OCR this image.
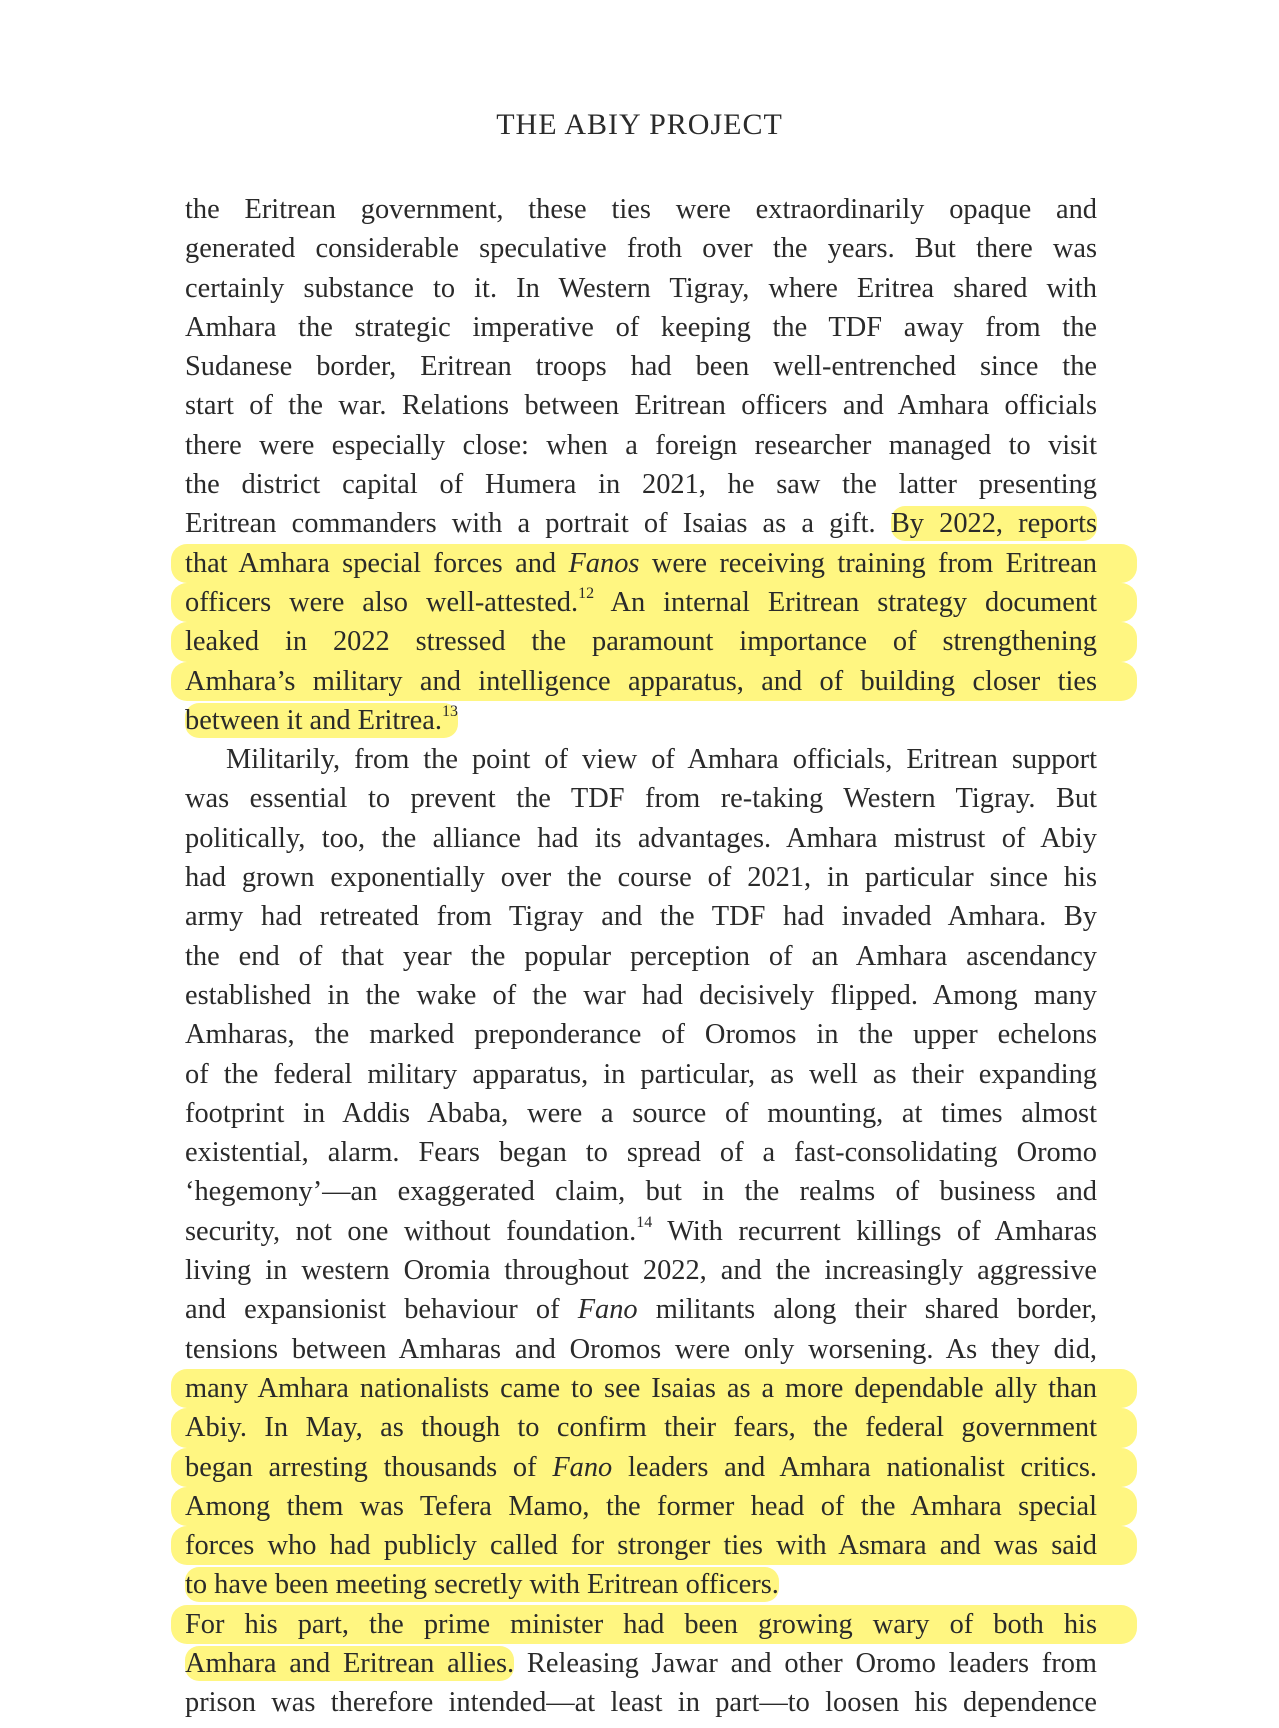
THE ABIY PROJECT
the Eritrean government, these ties were extraordinarily opaque and
generated considerable speculative froth over the years. But there was
certainly substance to it. In Western Tigray, where Eritrea shared with
Amhara the strategic imperative of keeping the TDF away from the
Sudanese border, Eritrean troops had been well-entrenched since the
start of the war. Relations between Eritrean officers and Amhara officials
there were especially close: when a foreign researcher managed to visit
the district capital of Humera in 2021, he saw the latter presenting
Eritrean commanders with a portrait of Isaias as a gift. By 2022, reports
that Amhara special forces and Fanos were receiving training from Eritrean
officers were also well-attested.$^{12}$ An internal Eritrean strategy document
leaked in 2022 stressed the paramount importance of strengthening
Amhara’s military and intelligence apparatus, and of building closer ties
between it and Eritrea.$^{13}$
Militarily, from the point of view of Amhara officials, Eritrean support
was essential to prevent the TDF from re-taking Western Tigray. But
politically, too, the alliance had its advantages. Amhara mistrust of Abiy
had grown exponentially over the course of 2021, in particular since his
army had retreated from Tigray and the TDF had invaded Amhara. By
the end of that year the popular perception of an Amhara ascendancy
established in the wake of the war had decisively flipped. Among many
Amharas, the marked preponderance of Oromos in the upper echelons
of the federal military apparatus, in particular, as well as their expanding
footprint in Addis Ababa, were a source of mounting, at times almost
existential, alarm. Fears began to spread of a fast-consolidating Oromo
‘hegemony’—an exaggerated claim, but in the realms of business and
security, not one without foundation.$^{14}$ With recurrent killings of Amharas
living in western Oromia throughout 2022, and the increasingly aggressive
and expansionist behaviour of Fano militants along their shared border,
tensions between Amharas and Oromos were only worsening. As they did,
many Amhara nationalists came to see Isaias as a more dependable ally than
Abiy. In May, as though to confirm their fears, the federal government
began arresting thousands of Fano leaders and Amhara nationalist critics.
Among them was Tefera Mamo, the former head of the Amhara special
forces who had publicly called for stronger ties with Asmara and was said
to have been meeting secretly with Eritrean officers.
For his part, the prime minister had been growing wary of both his
Amhara and Eritrean allies. Releasing Jawar and other Oromo leaders from
prison was therefore intended—at least in part—to loosen his dependence
